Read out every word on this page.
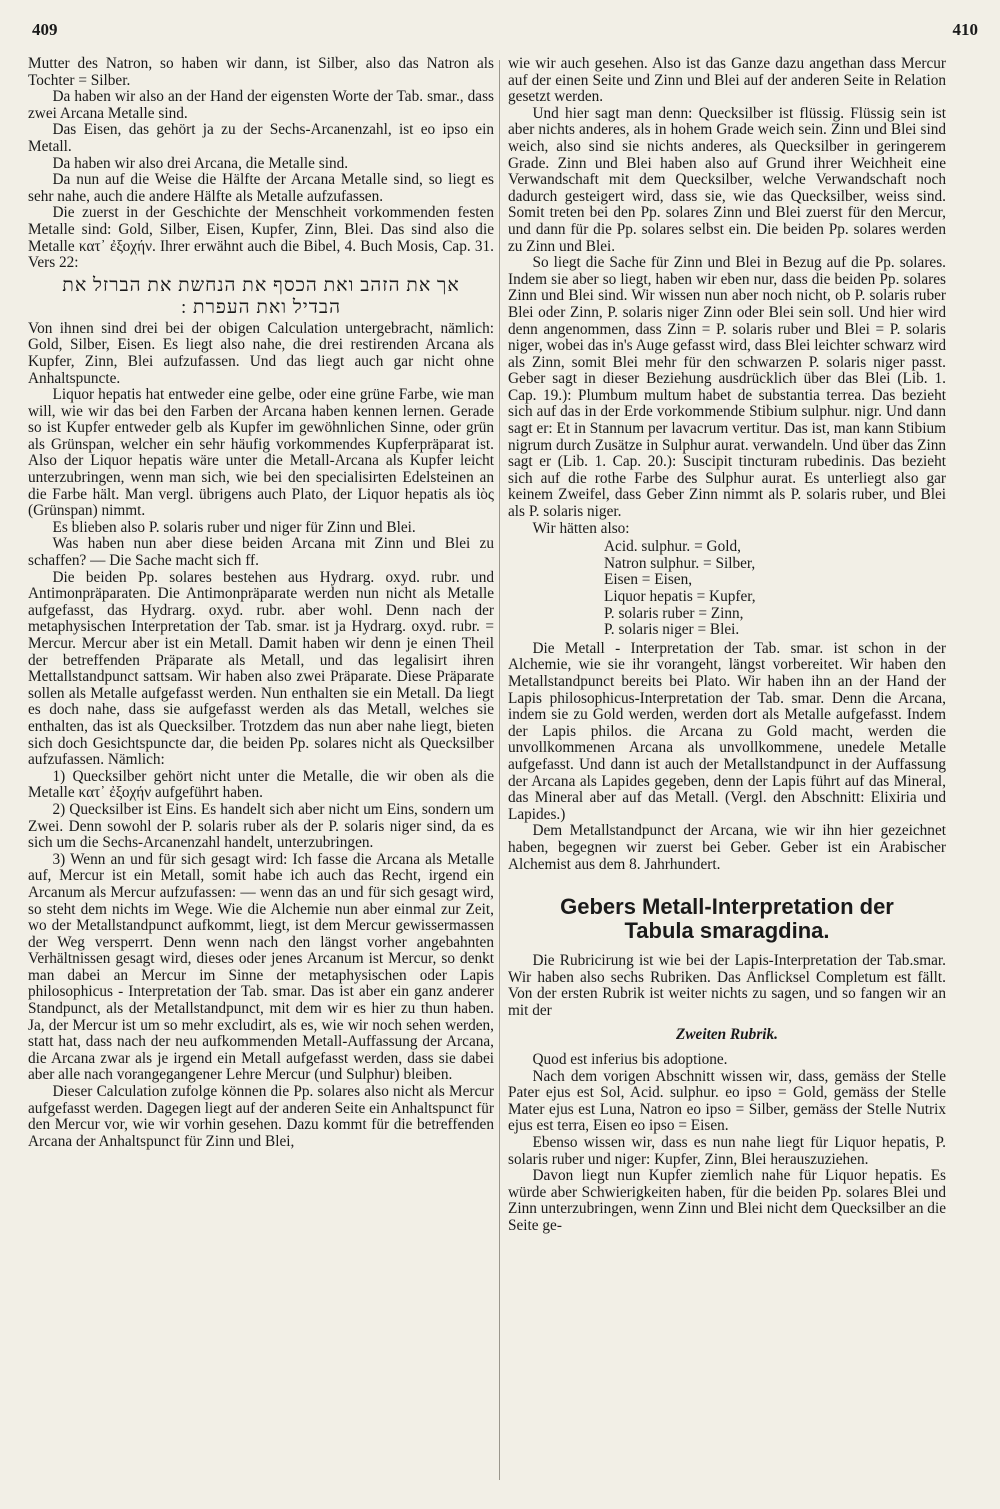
409	410

Mutter des Natron, so haben wir dann, ist Silber, also das Natron als Tochter = Silber.

Da haben wir also an der Hand der eigensten Worte der Tab. smar., dass zwei Arcana Metalle sind.

Das Eisen, das gehört ja zu der Sechs-Arcanenzahl, ist eo ipso ein Metall.

Da haben wir also drei Arcana, die Metalle sind.

Da nun auf die Weise die Hälfte der Arcana Metalle sind, so liegt es sehr nahe, auch die andere Hälfte als Metalle aufzufassen.

Die zuerst in der Geschichte der Menschheit vorkommenden festen Metalle sind: Gold, Silber, Eisen, Kupfer, Zinn, Blei. Das sind also die Metalle κατ᾽ ἐξοχήν. Ihrer erwähnt auch die Bibel, 4. Buch Mosis, Cap. 31. Vers 22:

אך את הזהב ואת הכסף את הנחשת את הברזל את
הבדיל ואת העפרת :

Von ihnen sind drei bei der obigen Calculation untergebracht, nämlich: Gold, Silber, Eisen. Es liegt also nahe, die drei restirenden Arcana als Kupfer, Zinn, Blei aufzufassen. Und das liegt auch gar nicht ohne Anhaltspuncte.

Liquor hepatis hat entweder eine gelbe, oder eine grüne Farbe, wie man will, wie wir das bei den Farben der Arcana haben kennen lernen. Gerade so ist Kupfer entweder gelb als Kupfer im gewöhnlichen Sinne, oder grün als Grünspan, welcher ein sehr häufig vorkommendes Kupferpräparat ist. Also der Liquor hepatis wäre unter die Metall-Arcana als Kupfer leicht unterzubringen, wenn man sich, wie bei den specialisirten Edelsteinen an die Farbe hält. Man vergl. übrigens auch Plato, der Liquor hepatis als ἰὸς (Grünspan) nimmt.

Es blieben also P. solaris ruber und niger für Zinn und Blei.

Was haben nun aber diese beiden Arcana mit Zinn und Blei zu schaffen? — Die Sache macht sich ff.

Die beiden Pp. solares bestehen aus Hydrarg. oxyd. rubr. und Antimonpräparaten. Die Antimonpräparate werden nun nicht als Metalle aufgefasst, das Hydrarg. oxyd. rubr. aber wohl. Denn nach der metaphysischen Interpretation der Tab. smar. ist ja Hydrarg. oxyd. rubr. = Mercur. Mercur aber ist ein Metall. Damit haben wir denn je einen Theil der betreffenden Präparate als Metall, und das legalisirt ihren Mettallstandpunct sattsam. Wir haben also zwei Präparate. Diese Präparate sollen als Metalle aufgefasst werden. Nun enthalten sie ein Metall. Da liegt es doch nahe, dass sie aufgefasst werden als das Metall, welches sie enthalten, das ist als Quecksilber. Trotzdem das nun aber nahe liegt, bieten sich doch Gesichtspuncte dar, die beiden Pp. solares nicht als Quecksilber aufzufassen. Nämlich:

1) Quecksilber gehört nicht unter die Metalle, die wir oben als die Metalle κατ᾽ ἐξοχήν aufgeführt haben.

2) Quecksilber ist Eins. Es handelt sich aber nicht um Eins, sondern um Zwei. Denn sowohl der P. solaris ruber als der P. solaris niger sind, da es sich um die Sechs-Arcanenzahl handelt, unterzubringen.

3) Wenn an und für sich gesagt wird: Ich fasse die Arcana als Metalle auf, Mercur ist ein Metall, somit habe ich auch das Recht, irgend ein Arcanum als Mercur aufzufassen: — wenn das an und für sich gesagt wird, so steht dem nichts im Wege. Wie die Alchemie nun aber einmal zur Zeit, wo der Metallstandpunct aufkommt, liegt, ist dem Mercur gewissermassen der Weg versperrt. Denn wenn nach den längst vorher angebahnten Verhältnissen gesagt wird, dieses oder jenes Arcanum ist Mercur, so denkt man dabei an Mercur im Sinne der metaphysischen oder Lapis philosophicus - Interpretation der Tab. smar. Das ist aber ein ganz anderer Standpunct, als der Metallstandpunct, mit dem wir es hier zu thun haben. Ja, der Mercur ist um so mehr excludirt, als es, wie wir noch sehen werden, statt hat, dass nach der neu aufkommenden Metall-Auffassung der Arcana, die Arcana zwar als je irgend ein Metall aufgefasst werden, dass sie dabei aber alle nach vorangegangener Lehre Mercur (und Sulphur) bleiben.

Dieser Calculation zufolge können die Pp. solares also nicht als Mercur aufgefasst werden. Dagegen liegt auf der anderen Seite ein Anhaltspunct für den Mercur vor, wie wir vorhin gesehen. Dazu kommt für die betreffenden Arcana der Anhaltspunct für Zinn und Blei,

wie wir auch gesehen. Also ist das Ganze dazu angethan dass Mercur auf der einen Seite und Zinn und Blei auf der anderen Seite in Relation gesetzt werden.

Und hier sagt man denn: Quecksilber ist flüssig. Flüssig sein ist aber nichts anderes, als in hohem Grade weich sein. Zinn und Blei sind weich, also sind sie nichts anderes, als Quecksilber in geringerem Grade. Zinn und Blei haben also auf Grund ihrer Weichheit eine Verwandschaft mit dem Quecksilber, welche Verwandschaft noch dadurch gesteigert wird, dass sie, wie das Quecksilber, weiss sind. Somit treten bei den Pp. solares Zinn und Blei zuerst für den Mercur, und dann für die Pp. solares selbst ein. Die beiden Pp. solares werden zu Zinn und Blei.

So liegt die Sache für Zinn und Blei in Bezug auf die Pp. solares. Indem sie aber so liegt, haben wir eben nur, dass die beiden Pp. solares Zinn und Blei sind. Wir wissen nun aber noch nicht, ob P. solaris ruber Blei oder Zinn, P. solaris niger Zinn oder Blei sein soll. Und hier wird denn angenommen, dass Zinn = P. solaris ruber und Blei = P. solaris niger, wobei das in's Auge gefasst wird, dass Blei leichter schwarz wird als Zinn, somit Blei mehr für den schwarzen P. solaris niger passt. Geber sagt in dieser Beziehung ausdrücklich über das Blei (Lib. 1. Cap. 19.): Plumbum multum habet de substantia terrea. Das bezieht sich auf das in der Erde vorkommende Stibium sulphur. nigr. Und dann sagt er: Et in Stannum per lavacrum vertitur. Das ist, man kann Stibium nigrum durch Zusätze in Sulphur aurat. verwandeln. Und über das Zinn sagt er (Lib. 1. Cap. 20.): Suscipit tincturam rubedinis. Das bezieht sich auf die rothe Farbe des Sulphur aurat. Es unterliegt also gar keinem Zweifel, dass Geber Zinn nimmt als P. solaris ruber, und Blei als P. solaris niger.

Wir hätten also:

Acid. sulphur. = Gold,
Natron sulphur. = Silber,
Eisen = Eisen,
Liquor hepatis = Kupfer,
P. solaris ruber = Zinn,
P. solaris niger = Blei.

Die Metall - Interpretation der Tab. smar. ist schon in der Alchemie, wie sie ihr vorangeht, längst vorbereitet. Wir haben den Metallstandpunct bereits bei Plato. Wir haben ihn an der Hand der Lapis philosophicus-Interpretation der Tab. smar. Denn die Arcana, indem sie zu Gold werden, werden dort als Metalle aufgefasst. Indem der Lapis philos. die Arcana zu Gold macht, werden die unvollkommenen Arcana als unvollkommene, unedele Metalle aufgefasst. Und dann ist auch der Metallstandpunct in der Auffassung der Arcana als Lapides gegeben, denn der Lapis führt auf das Mineral, das Mineral aber auf das Metall. (Vergl. den Abschnitt: Elixiria und Lapides.)

Dem Metallstandpunct der Arcana, wie wir ihn hier gezeichnet haben, begegnen wir zuerst bei Geber. Geber ist ein Arabischer Alchemist aus dem 8. Jahrhundert.

Gebers Metall-Interpretation der
Tabula smaragdina.

Die Rubricirung ist wie bei der Lapis-Interpretation der Tab.smar. Wir haben also sechs Rubriken. Das Anflicksel Completum est fällt. Von der ersten Rubrik ist weiter nichts zu sagen, und so fangen wir an mit der

Zweiten Rubrik.

Quod est inferius bis adoptione.

Nach dem vorigen Abschnitt wissen wir, dass, gemäss der Stelle Pater ejus est Sol, Acid. sulphur. eo ipso = Gold, gemäss der Stelle Mater ejus est Luna, Natron eo ipso = Silber, gemäss der Stelle Nutrix ejus est terra, Eisen eo ipso = Eisen.

Ebenso wissen wir, dass es nun nahe liegt für Liquor hepatis, P. solaris ruber und niger: Kupfer, Zinn, Blei herauszuziehen.

Davon liegt nun Kupfer ziemlich nahe für Liquor hepatis. Es würde aber Schwierigkeiten haben, für die beiden Pp. solares Blei und Zinn unterzubringen, wenn Zinn und Blei nicht dem Quecksilber an die Seite ge-
